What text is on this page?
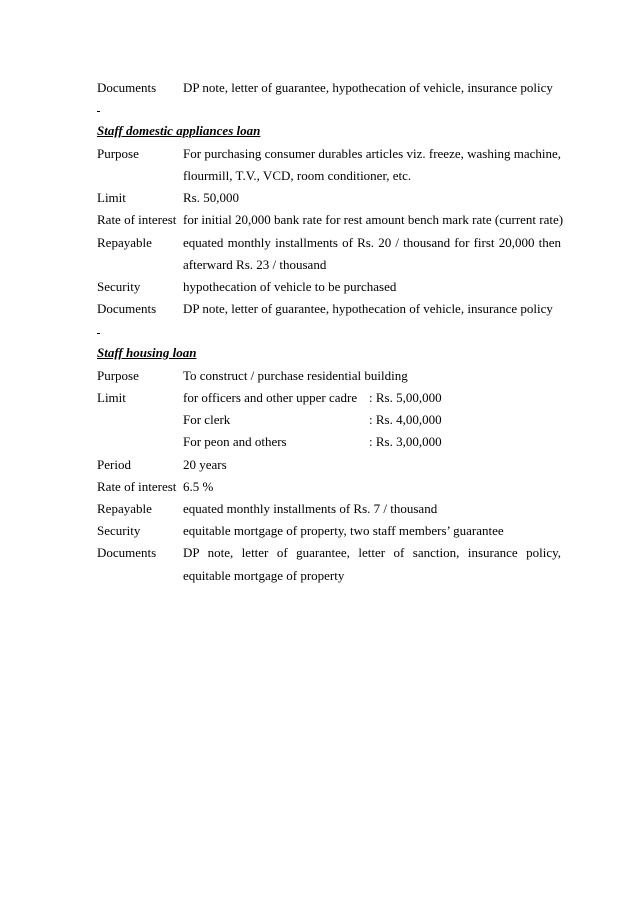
Documents DP note, letter of guarantee, hypothecation of vehicle, insurance policy
Staff domestic appliances loan
Purpose	For purchasing consumer durables articles viz. freeze, washing machine,
flourmill, T.V., VCD, room conditioner, etc.
Limit	Rs. 50,000
Rate of interest for initial 20,000 bank rate for rest amount bench mark rate (current rate)
Repayable equated monthly installments of Rs. 20 / thousand for first 20,000 then
afterward Rs. 23 / thousand
Security	hypothecation of vehicle to be purchased
Documents DP note, letter of guarantee, hypothecation of vehicle, insurance policy
Staff housing loan
Purpose	To construct / purchase residential building
Limit	for officers and other upper cadre : Rs. 5,00,000
For clerk	: Rs. 4,00,000
For peon and others	: Rs. 3,00,000
Period	20 years
Rate of interest 6.5 %
Repayable equated monthly installments of Rs. 7 / thousand
Security	equitable mortgage of property, two staff members’ guarantee
Documents DP note, letter of guarantee, letter of sanction, insurance policy,
equitable mortgage of property
